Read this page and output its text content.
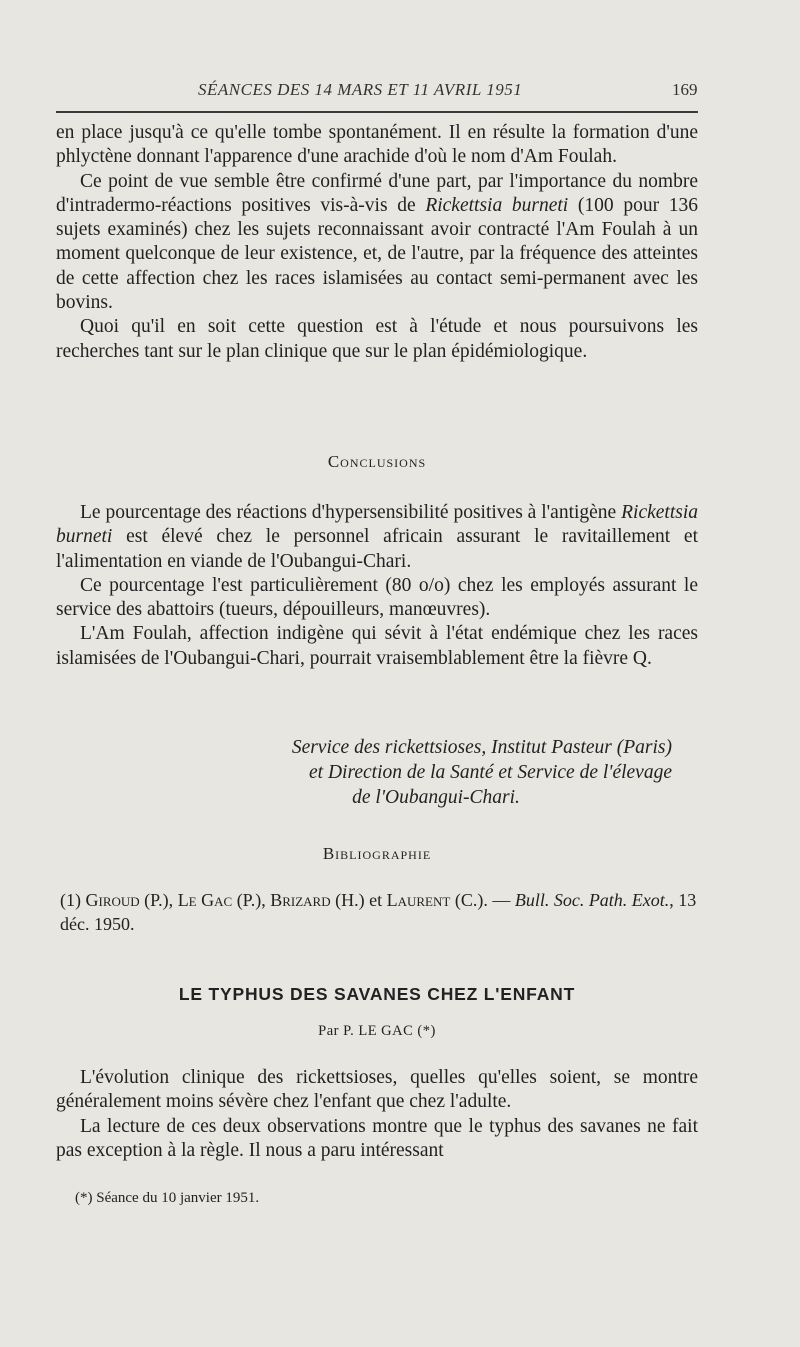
SÉANCES DES 14 MARS ET 11 AVRIL 1951	169

en place jusqu'à ce qu'elle tombe spontanément. Il en résulte la formation d'une phlyctène donnant l'apparence d'une arachide d'où le nom d'Am Foulah.

Ce point de vue semble être confirmé d'une part, par l'importance du nombre d'intradermo-réactions positives vis-à-vis de Rickettsia burneti (100 pour 136 sujets examinés) chez les sujets reconnaissant avoir contracté l'Am Foulah à un moment quelconque de leur existence, et, de l'autre, par la fréquence des atteintes de cette affection chez les races islamisées au contact semi-permanent avec les bovins.

Quoi qu'il en soit cette question est à l'étude et nous poursuivons les recherches tant sur le plan clinique que sur le plan épidémiologique.

Conclusions

Le pourcentage des réactions d'hypersensibilité positives à l'antigène Rickettsia burneti est élevé chez le personnel africain assurant le ravitaillement et l'alimentation en viande de l'Oubangui-Chari.

Ce pourcentage l'est particulièrement (80 o/o) chez les employés assurant le service des abattoirs (tueurs, dépouilleurs, manœuvres).

L'Am Foulah, affection indigène qui sévit à l'état endémique chez les races islamisées de l'Oubangui-Chari, pourrait vraisemblablement être la fièvre Q.

Service des rickettsioses, Institut Pasteur (Paris)
et Direction de la Santé et Service de l'élevage
de l'Oubangui-Chari.
Bibliographie
(1) Giroud (P.), Le Gac (P.), Brizard (H.) et Laurent (C.). — Bull. Soc. Path. Exot., 13 déc. 1950.
LE TYPHUS DES SAVANES CHEZ L'ENFANT
Par P. LE GAC (*)

L'évolution clinique des rickettsioses, quelles qu'elles soient, se montre généralement moins sévère chez l'enfant que chez l'adulte.

La lecture de ces deux observations montre que le typhus des savanes ne fait pas exception à la règle. Il nous a paru intéressant

(*) Séance du 10 janvier 1951.
